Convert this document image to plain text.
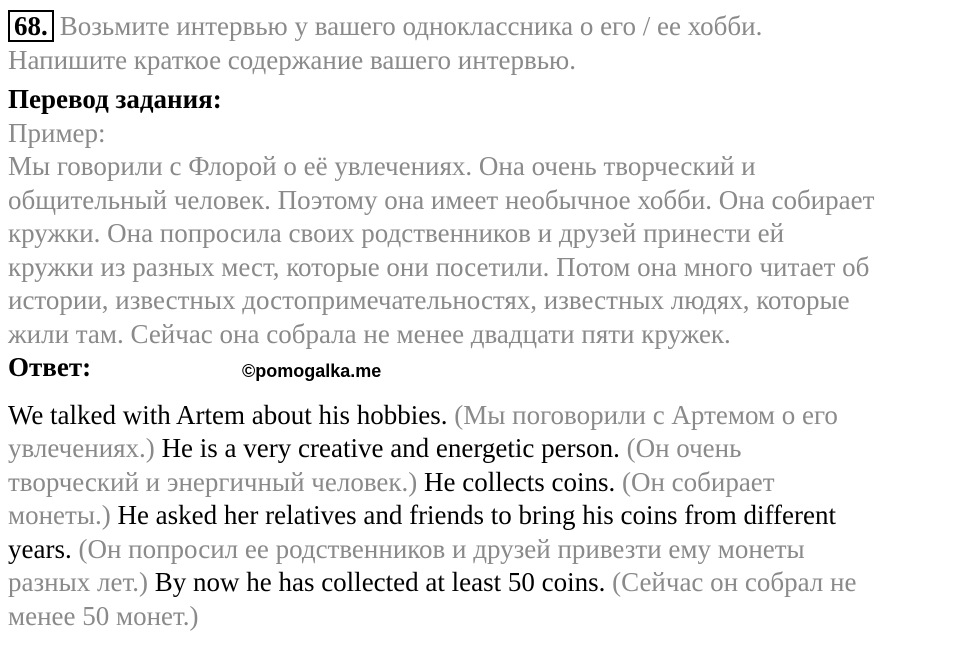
68. Возьмите интервью у вашего одноклассника о его / ее хобби.
Напишите краткое содержание вашего интервью.
Перевод задания:
Пример:
Мы говорили с Флорой о её увлечениях. Она очень творческий и
общительный человек. Поэтому она имеет необычное хобби. Она собирает
кружки. Она попросила своих родственников и друзей принести ей
кружки из разных мест, которые они посетили. Потом она много читает об
истории, известных достопримечательностях, известных людях, которые
жили там. Сейчас она собрала не менее двадцати пяти кружек.
Ответ:
We talked with Artem about his hobbies. (Мы поговорили с Артемом о его
увлечениях.) He is a very creative and energetic person. (Он очень
творческий и энергичный человек.) He collects coins. (Он собирает
монеты.) He asked her relatives and friends to bring his coins from different
years. (Он попросил ее родственников и друзей привезти ему монеты
разных лет.) By now he has collected at least 50 coins. (Сейчас он собрал не
менее 50 монет.)
©pomogalka.me
